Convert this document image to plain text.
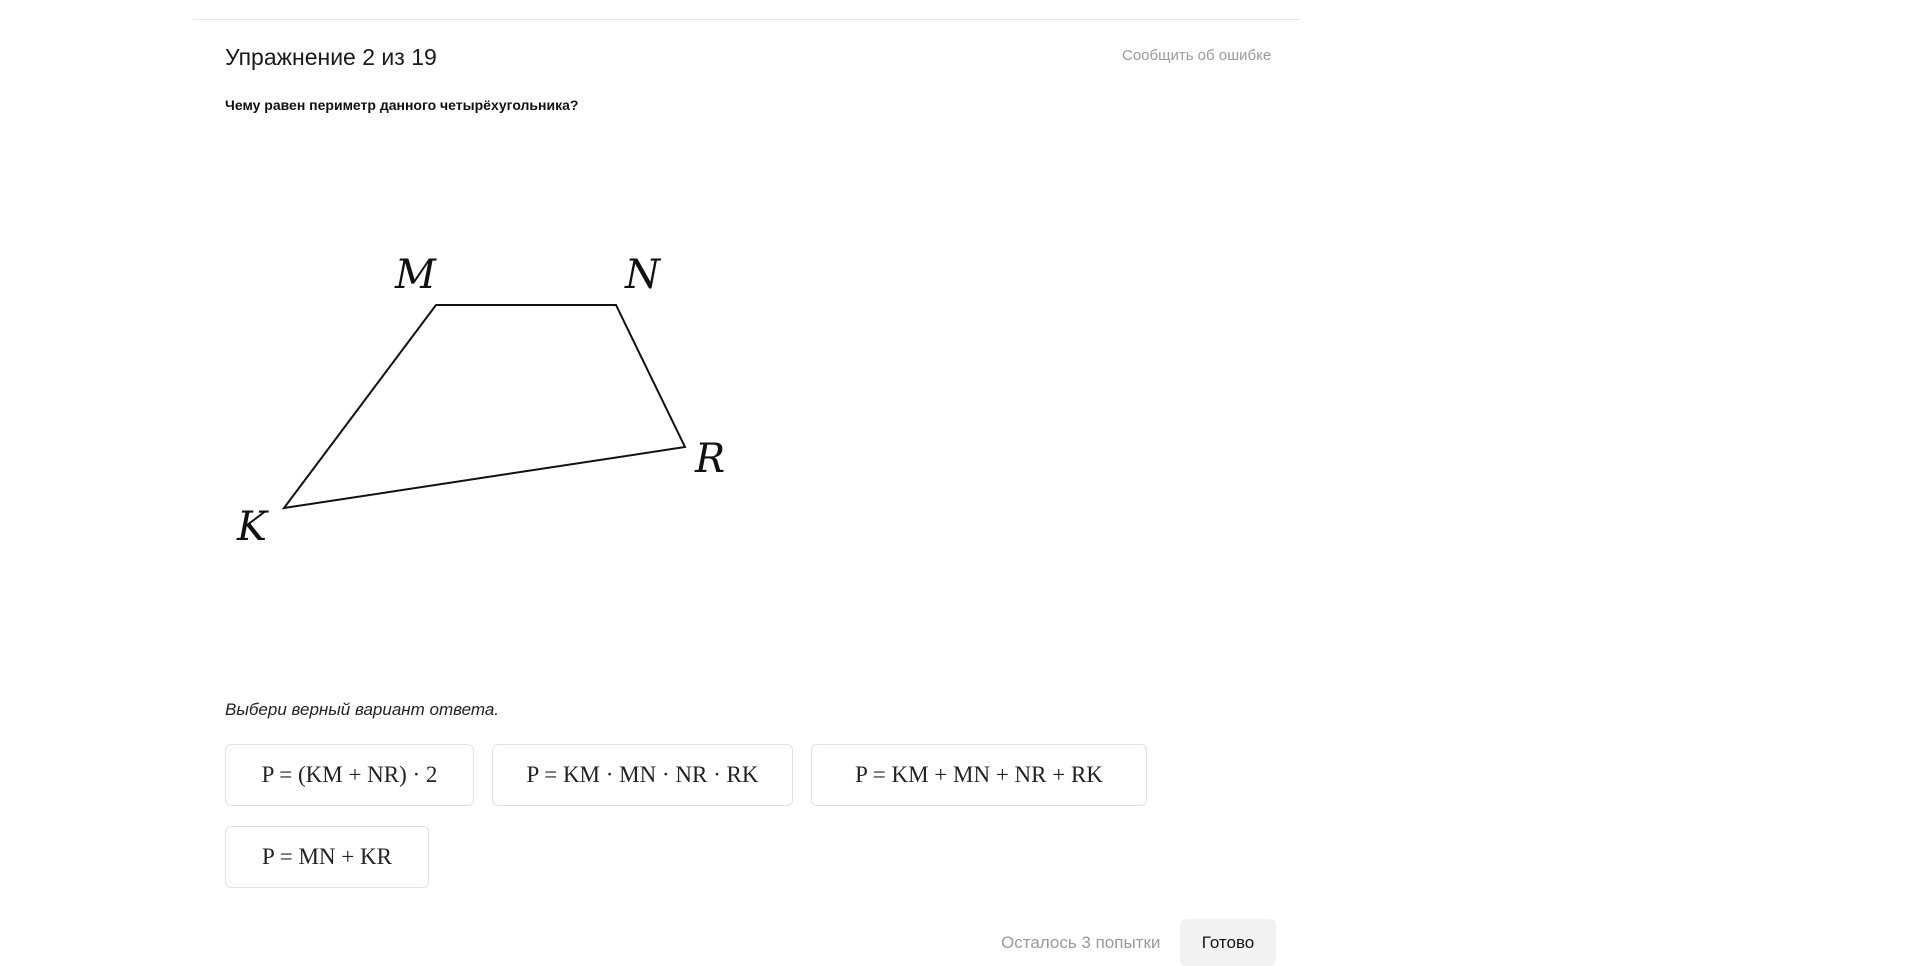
Упражнение 2 из 19	Сообщить об ошибке
Чему равен периметр данного четырёхугольника?
M	N
R
K
Выбери верный вариант ответа.
P = (KM + NR) · 2	P = KM · MN · NR · RK	P = KM + MN + NR + RK
P = MN + KR
Осталось 3 попытки	Готово
